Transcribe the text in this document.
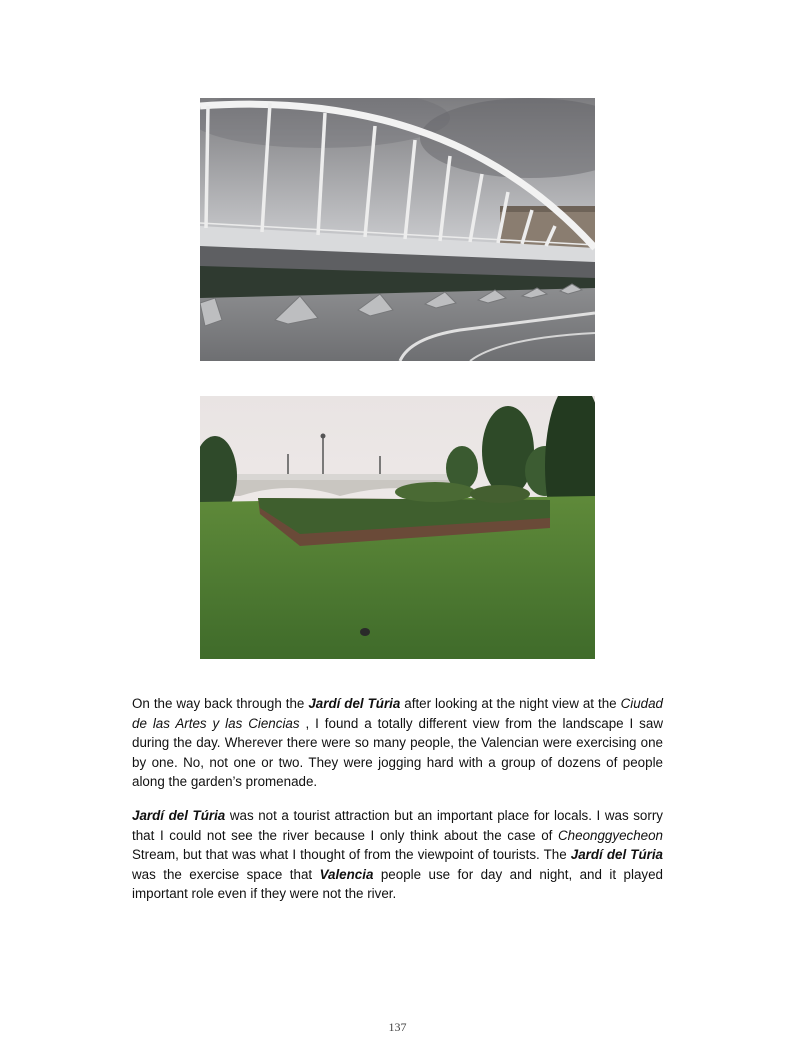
On the way back through the Jardí del Túria after looking at the night view at the Ciudad de las Artes y las Ciencias , I found a totally different view from the landscape I saw during the day. Wherever there were so many people, the Valencian were exercising one by one. No, not one or two. They were jogging hard with a group of dozens of people along the garden’s promenade.

Jardí del Túria was not a tourist attraction but an important place for locals. I was sorry that I could not see the river because I only think about the case of Cheonggyecheon Stream, but that was what I thought of from the viewpoint of tourists. The Jardí del Túria was the exercise space that Valencia people use for day and night, and it played important role even if they were not the river.

137
